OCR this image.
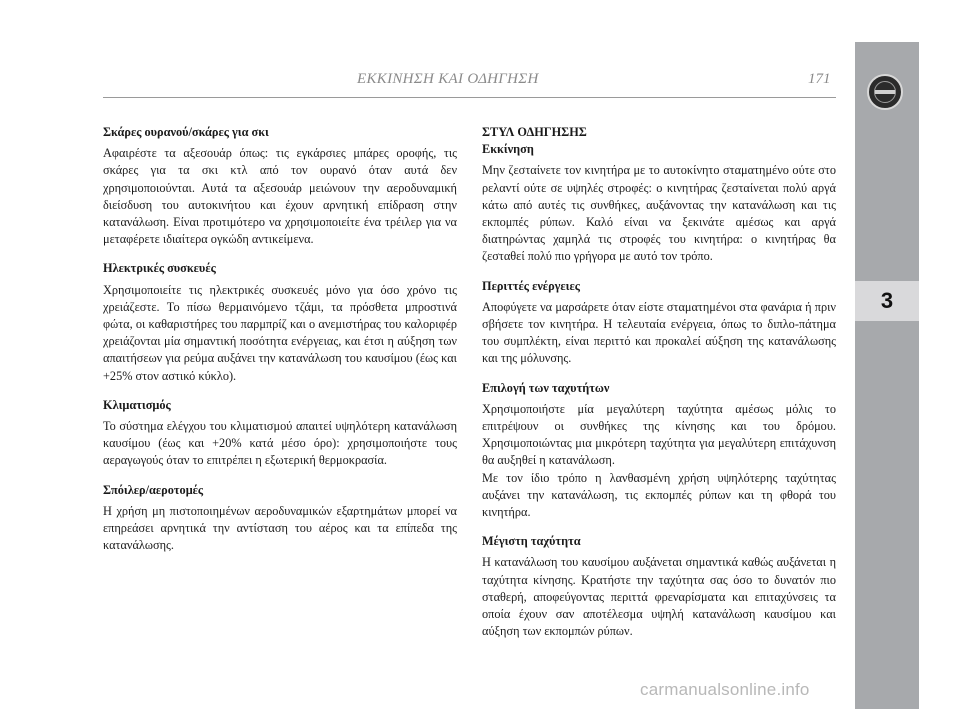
ΕΚΚΙΝΗΣΗ ΚΑΙ ΟΔΗΓΗΣΗ	171
3

Σκάρες ουρανού/σκάρες για σκι

Αφαιρέστε τα αξεσουάρ όπως: τις εγκάρσιες μπάρες οροφής, τις σκάρες για τα σκι κτλ από τον ουρανό όταν αυτά δεν χρησιμοποιούνται. Αυτά τα αξεσουάρ μειώνουν την αεροδυναμική διείσδυση του αυτοκινήτου και έχουν αρνητική επίδραση στην κατανάλωση. Είναι προτιμότερο να χρησιμοποιείτε ένα τρέιλερ για να μεταφέρετε ιδιαίτερα ογκώδη αντικείμενα.

Ηλεκτρικές συσκευές

Χρησιμοποιείτε τις ηλεκτρικές συσκευές μόνο για όσο χρόνο τις χρειάζεστε. Το πίσω θερμαινόμενο τζάμι, τα πρόσθετα μπροστινά φώτα, οι καθαριστήρες του παρμπρίζ και ο ανεμιστήρας του καλοριφέρ χρειάζονται μία σημαντική ποσότητα ενέργειας, και έτσι η αύξηση των απαιτήσεων για ρεύμα αυξάνει την κατανάλωση του καυσίμου (έως και +25% στον αστικό κύκλο).

Κλιματισμός

Το σύστημα ελέγχου του κλιματισμού απαιτεί υψηλότερη κατανάλωση καυσίμου (έως και +20% κατά μέσο όρο): χρησιμοποιήστε τους αεραγωγούς όταν το επιτρέπει η εξωτερική θερμοκρασία.

Σπόιλερ/αεροτομές

Η χρήση μη πιστοποιημένων αεροδυναμικών εξαρτημάτων μπορεί να επηρεάσει αρνητικά την αντίσταση του αέρος και τα επίπεδα της κατανάλωσης.

ΣΤΥΛ ΟΔΗΓΗΣΗΣ

Εκκίνηση

Μην ζεσταίνετε τον κινητήρα με το αυτοκίνητο σταματημένο ούτε στο ρελαντί ούτε σε υψηλές στροφές: ο κινητήρας ζεσταίνεται πολύ αργά κάτω από αυτές τις συνθήκες, αυξάνοντας την κατανάλωση και τις εκπομπές ρύπων. Καλό είναι να ξεκινάτε αμέσως και αργά διατηρώντας χαμηλά τις στροφές του κινητήρα: ο κινητήρας θα ζεσταθεί πολύ πιο γρήγορα με αυτό τον τρόπο.

Περιττές ενέργειες

Αποφύγετε να μαρσάρετε όταν είστε σταματημένοι στα φανάρια ή πριν σβήσετε τον κινητήρα. Η τελευταία ενέργεια, όπως το διπλο-πάτημα του συμπλέκτη, είναι περιττό και προκαλεί αύξηση της κατανάλωσης και της μόλυνσης.

Επιλογή των ταχυτήτων

Χρησιμοποιήστε μία μεγαλύτερη ταχύτητα αμέσως μόλις το επιτρέψουν οι συνθήκες της κίνησης και του δρόμου. Χρησιμοποιώντας μια μικρότερη ταχύτητα για μεγαλύτερη επιτάχυνση θα αυξηθεί η κατανάλωση.

Με τον ίδιο τρόπο η λανθασμένη χρήση υψηλότερης ταχύτητας αυξάνει την κατανάλωση, τις εκπομπές ρύπων και τη φθορά του κινητήρα.

Μέγιστη ταχύτητα

Η κατανάλωση του καυσίμου αυξάνεται σημαντικά καθώς αυξάνεται η ταχύτητα κίνησης. Κρατήστε την ταχύτητα σας όσο το δυνατόν πιο σταθερή, αποφεύγοντας περιττά φρεναρίσματα και επιταχύνσεις τα οποία έχουν σαν αποτέλεσμα υψηλή κατανάλωση καυσίμου και αύξηση των εκπομπών ρύπων.

carmanualsonline.info
